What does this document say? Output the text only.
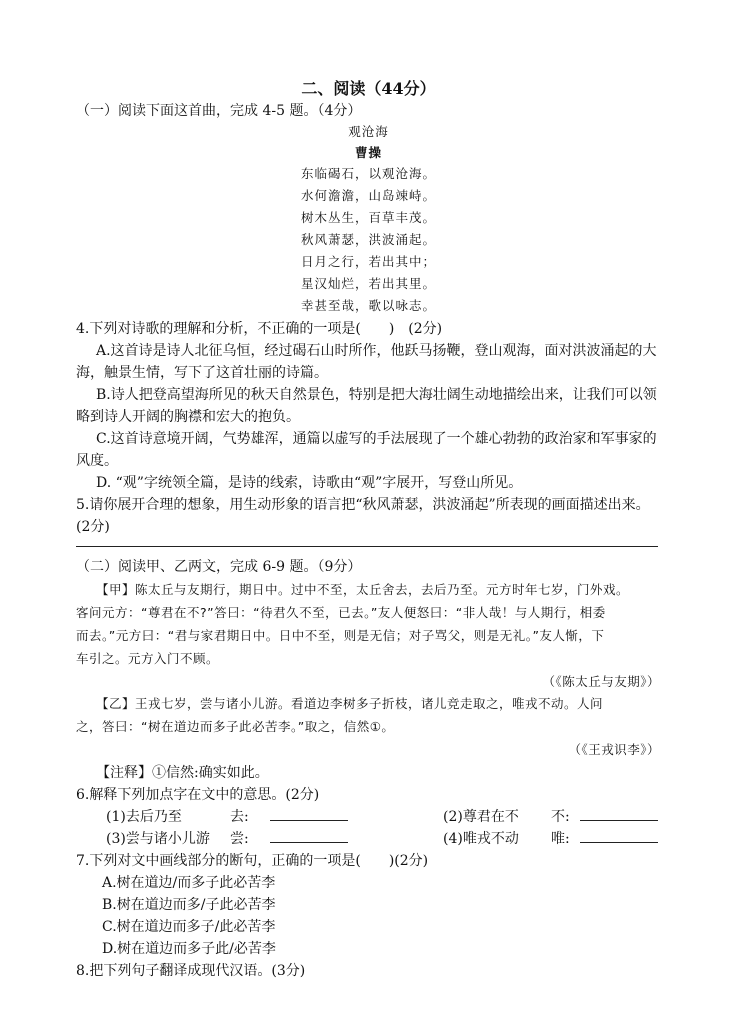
二、阅读（44分）
（一）阅读下面这首曲，完成 4-5 题。（4分）
观沧海
曹操
东临碣石，以观沧海。
水何澹澹，山岛竦峙。
树木丛生，百草丰茂。
秋风萧瑟，洪波涌起。
日月之行，若出其中；
星汉灿烂，若出其里。
幸甚至哉，歌以咏志。
4.下列对诗歌的理解和分析，不正确的一项是(　　)　(2分)
A.这首诗是诗人北征乌恒，经过碣石山时所作，他跃马扬鞭，登山观海，面对洪波涌起的大
海，触景生情，写下了这首壮丽的诗篇。
B.诗人把登高望海所见的秋天自然景色，特别是把大海壮阔生动地描绘出来，让我们可以领
略到诗人开阔的胸襟和宏大的抱负。
C.这首诗意境开阔，气势雄浑，通篇以虚写的手法展现了一个雄心勃勃的政治家和军事家的
风度。
D. “观”字统领全篇，是诗的线索，诗歌由“观”字展开，写登山所见。
5.请你展开合理的想象，用生动形象的语言把“秋风萧瑟，洪波涌起”所表现的画面描述出来。
(2分)
（二）阅读甲、乙两文，完成 6-9 题。（9分）
【甲】陈太丘与友期行，期日中。过中不至，太丘舍去，去后乃至。元方时年七岁，门外戏。
客问元方：“尊君在不?”答曰：“待君久不至，已去。”友人便怒曰：“非人哉！与人期行，相委
而去。”元方曰：“君与家君期日中。日中不至，则是无信；对子骂父，则是无礼。”友人惭，下
车引之。元方入门不顾。
（《陈太丘与友期》）
【乙】王戎七岁，尝与诸小儿游。看道边李树多子折枝，诸儿竞走取之，唯戎不动。人问
之，答曰：“树在道边而多子此必苦李。”取之，信然①。
（《王戎识李》）
【注释】①信然:确实如此。
6.解释下列加点字在文中的意思。(2分)
(1)去后乃至	去:	(2)尊君在不 不:
(3)尝与诸小儿游 尝:	(4)唯戎不动 唯:
7.下列对文中画线部分的断句，正确的一项是(　　)(2分)
A.树在道边/而多子此必苦李
B.树在道边而多/子此必苦李
C.树在道边而多子/此必苦李
D.树在道边而多子此/必苦李
8.把下列句子翻译成现代汉语。(3分)
